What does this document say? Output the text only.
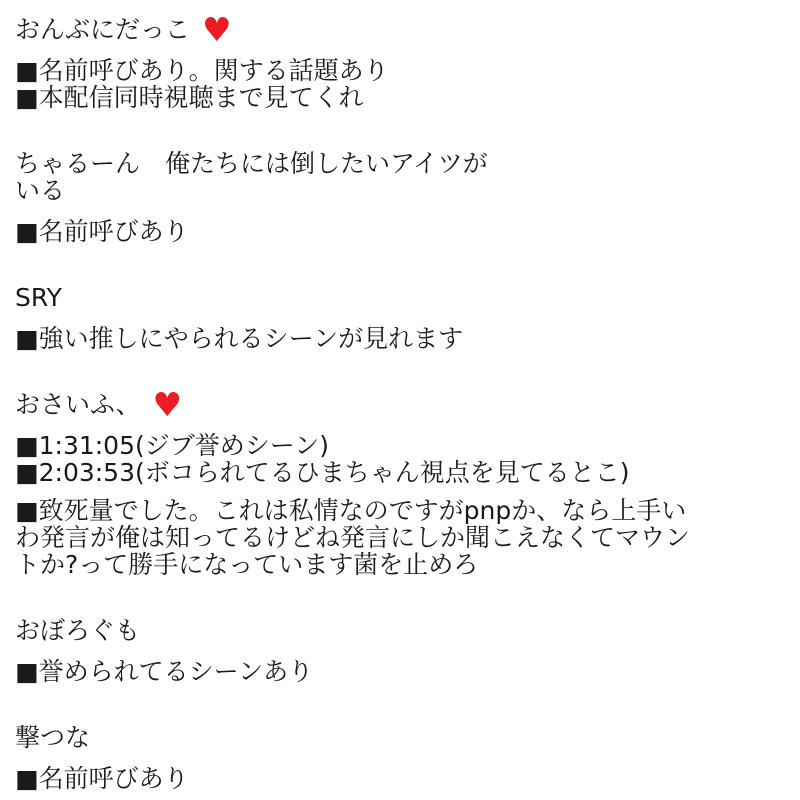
おんぶにだっこ ♥

■名前呼びあり。関する話題あり

■本配信同時視聴まで見てくれ

ちゃるーん　俺たちには倒したいアイツが
いる

■名前呼びあり

SRY

■強い推しにやられるシーンが見れます

おさいふ、 ♥

■1:31:05(ジブ誉めシーン)

■2:03:53(ボコられてるひまちゃん視点を見てるとこ)

■致死量でした。これは私情なのですがpnpか、なら上手い

わ発言が俺は知ってるけどね発言にしか聞こえなくてマウン

トか?って勝手になっています菌を止めろ

おぼろぐも

■誉められてるシーンあり

撃つな

■名前呼びあり
